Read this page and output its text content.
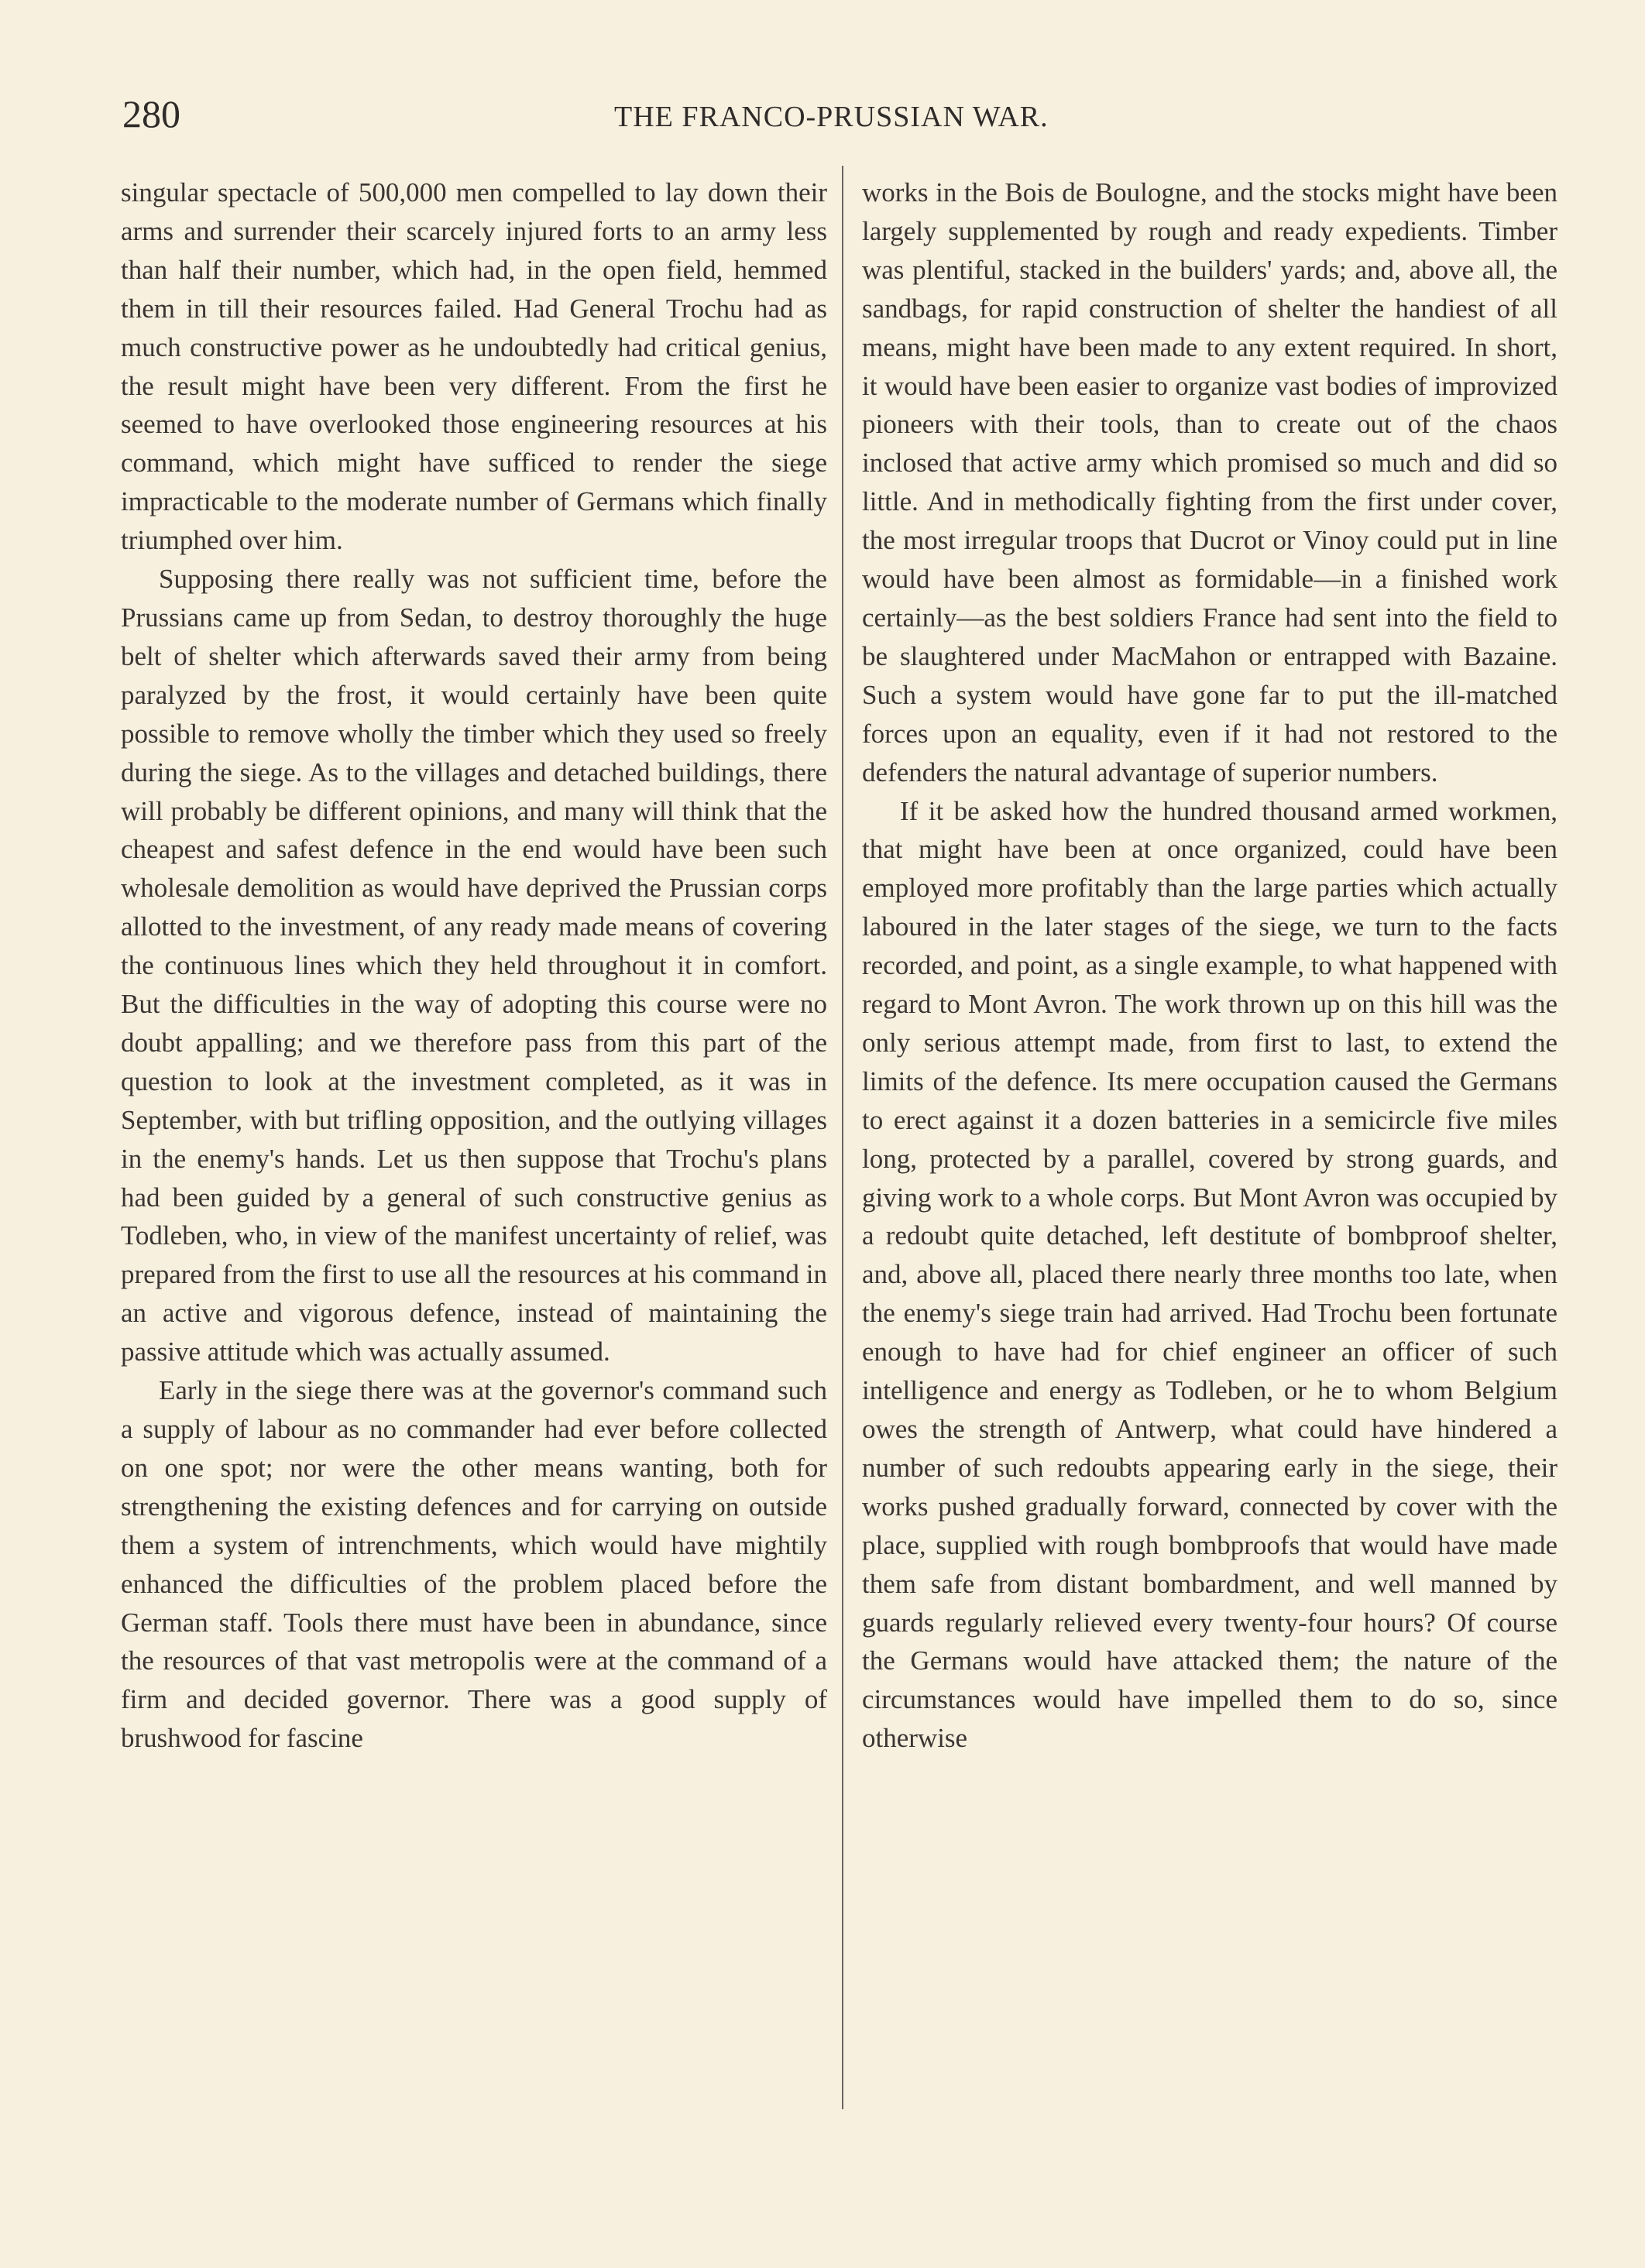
280	THE FRANCO-PRUSSIAN WAR.

singular spectacle of 500,000 men compelled to lay down their arms and surrender their scarcely injured forts to an army less than half their number, which had, in the open field, hemmed them in till their resources failed. Had General Trochu had as much constructive power as he undoubtedly had critical genius, the result might have been very different. From the first he seemed to have overlooked those engineering resources at his command, which might have sufficed to render the siege impracticable to the moderate number of Germans which finally triumphed over him.

Supposing there really was not sufficient time, before the Prussians came up from Sedan, to destroy thoroughly the huge belt of shelter which afterwards saved their army from being paralyzed by the frost, it would certainly have been quite possible to remove wholly the timber which they used so freely during the siege. As to the villages and detached buildings, there will probably be different opinions, and many will think that the cheapest and safest defence in the end would have been such wholesale demolition as would have deprived the Prussian corps allotted to the investment, of any ready made means of covering the continuous lines which they held throughout it in comfort. But the difficulties in the way of adopting this course were no doubt appalling; and we therefore pass from this part of the question to look at the investment completed, as it was in September, with but trifling opposition, and the outlying villages in the enemy's hands. Let us then suppose that Trochu's plans had been guided by a general of such constructive genius as Todleben, who, in view of the manifest uncertainty of relief, was prepared from the first to use all the resources at his command in an active and vigorous defence, instead of maintaining the passive attitude which was actually assumed.

Early in the siege there was at the governor's command such a supply of labour as no commander had ever before collected on one spot; nor were the other means wanting, both for strengthening the existing defences and for carrying on outside them a system of intrenchments, which would have mightily enhanced the difficulties of the problem placed before the German staff. Tools there must have been in abundance, since the resources of that vast metropolis were at the command of a firm and decided governor. There was a good supply of brushwood for fascine

works in the Bois de Boulogne, and the stocks might have been largely supplemented by rough and ready expedients. Timber was plentiful, stacked in the builders' yards; and, above all, the sandbags, for rapid construction of shelter the handiest of all means, might have been made to any extent required. In short, it would have been easier to organize vast bodies of improvized pioneers with their tools, than to create out of the chaos inclosed that active army which promised so much and did so little. And in methodically fighting from the first under cover, the most irregular troops that Ducrot or Vinoy could put in line would have been almost as formidable—in a finished work certainly—as the best soldiers France had sent into the field to be slaughtered under MacMahon or entrapped with Bazaine. Such a system would have gone far to put the ill-matched forces upon an equality, even if it had not restored to the defenders the natural advantage of superior numbers.

If it be asked how the hundred thousand armed workmen, that might have been at once organized, could have been employed more profitably than the large parties which actually laboured in the later stages of the siege, we turn to the facts recorded, and point, as a single example, to what happened with regard to Mont Avron. The work thrown up on this hill was the only serious attempt made, from first to last, to extend the limits of the defence. Its mere occupation caused the Germans to erect against it a dozen batteries in a semicircle five miles long, protected by a parallel, covered by strong guards, and giving work to a whole corps. But Mont Avron was occupied by a redoubt quite detached, left destitute of bombproof shelter, and, above all, placed there nearly three months too late, when the enemy's siege train had arrived. Had Trochu been fortunate enough to have had for chief engineer an officer of such intelligence and energy as Todleben, or he to whom Belgium owes the strength of Antwerp, what could have hindered a number of such redoubts appearing early in the siege, their works pushed gradually forward, connected by cover with the place, supplied with rough bombproofs that would have made them safe from distant bombardment, and well manned by guards regularly relieved every twenty-four hours? Of course the Germans would have attacked them; the nature of the circumstances would have impelled them to do so, since otherwise
